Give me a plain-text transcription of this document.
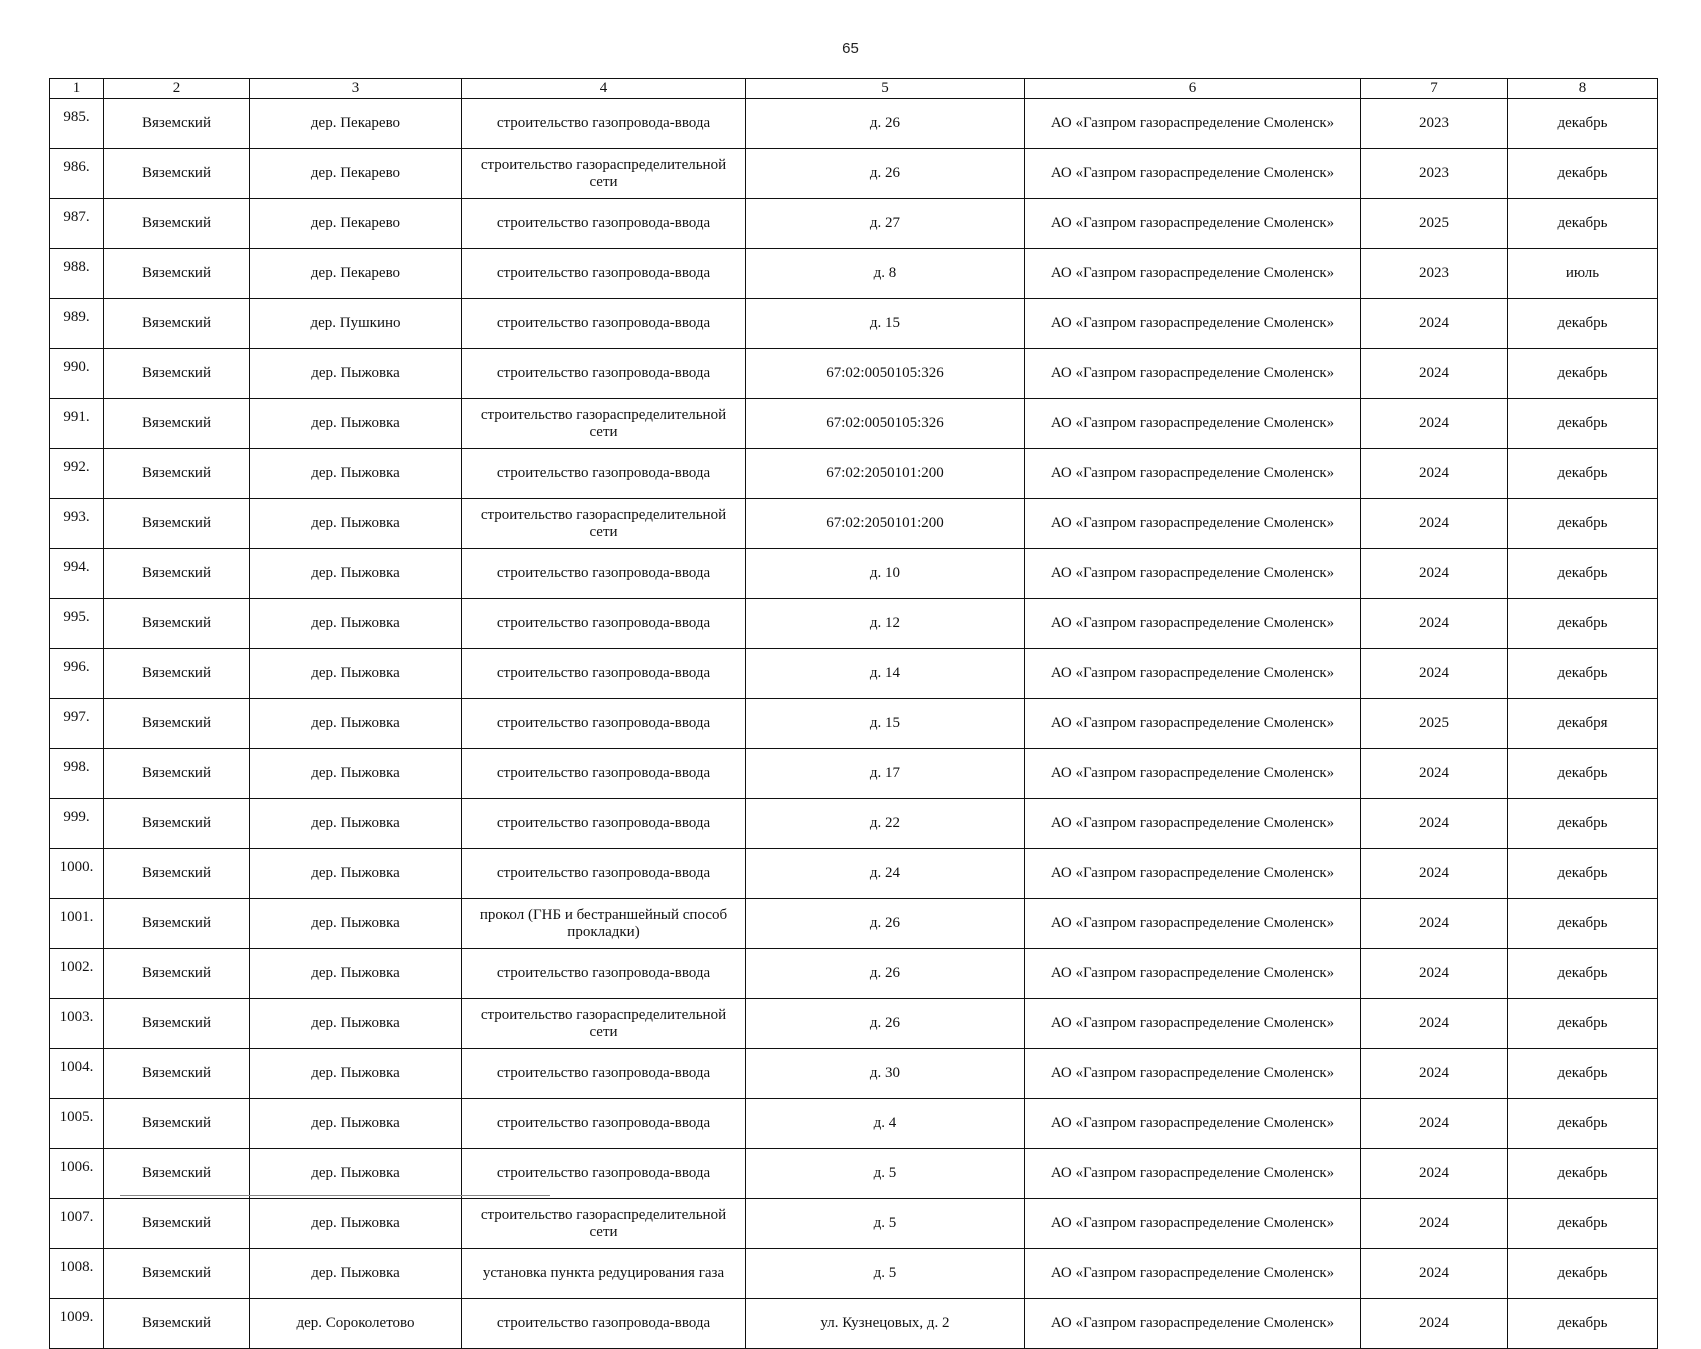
65
1	2	3	4	5	6	7	8
985.	Вяземский	дер. Пекарево	строительство газопровода-ввода	д. 26	АО «Газпром газораспределение Смоленск»	2023	декабрь
986.	Вяземский	дер. Пекарево	строительство газораспределительной сети	д. 26	АО «Газпром газораспределение Смоленск»	2023	декабрь
987.	Вяземский	дер. Пекарево	строительство газопровода-ввода	д. 27	АО «Газпром газораспределение Смоленск»	2025	декабрь
988.	Вяземский	дер. Пекарево	строительство газопровода-ввода	д. 8	АО «Газпром газораспределение Смоленск»	2023	июль
989.	Вяземский	дер. Пушкино	строительство газопровода-ввода	д. 15	АО «Газпром газораспределение Смоленск»	2024	декабрь
990.	Вяземский	дер. Пыжовка	строительство газопровода-ввода	67:02:0050105:326	АО «Газпром газораспределение Смоленск»	2024	декабрь
991.	Вяземский	дер. Пыжовка	строительство газораспределительной сети	67:02:0050105:326	АО «Газпром газораспределение Смоленск»	2024	декабрь
992.	Вяземский	дер. Пыжовка	строительство газопровода-ввода	67:02:2050101:200	АО «Газпром газораспределение Смоленск»	2024	декабрь
993.	Вяземский	дер. Пыжовка	строительство газораспределительной сети	67:02:2050101:200	АО «Газпром газораспределение Смоленск»	2024	декабрь
994.	Вяземский	дер. Пыжовка	строительство газопровода-ввода	д. 10	АО «Газпром газораспределение Смоленск»	2024	декабрь
995.	Вяземский	дер. Пыжовка	строительство газопровода-ввода	д. 12	АО «Газпром газораспределение Смоленск»	2024	декабрь
996.	Вяземский	дер. Пыжовка	строительство газопровода-ввода	д. 14	АО «Газпром газораспределение Смоленск»	2024	декабрь
997.	Вяземский	дер. Пыжовка	строительство газопровода-ввода	д. 15	АО «Газпром газораспределение Смоленск»	2025	декабря
998.	Вяземский	дер. Пыжовка	строительство газопровода-ввода	д. 17	АО «Газпром газораспределение Смоленск»	2024	декабрь
999.	Вяземский	дер. Пыжовка	строительство газопровода-ввода	д. 22	АО «Газпром газораспределение Смоленск»	2024	декабрь
1000.	Вяземский	дер. Пыжовка	строительство газопровода-ввода	д. 24	АО «Газпром газораспределение Смоленск»	2024	декабрь
1001.	Вяземский	дер. Пыжовка	прокол (ГНБ и бестраншейный способ прокладки)	д. 26	АО «Газпром газораспределение Смоленск»	2024	декабрь
1002.	Вяземский	дер. Пыжовка	строительство газопровода-ввода	д. 26	АО «Газпром газораспределение Смоленск»	2024	декабрь
1003.	Вяземский	дер. Пыжовка	строительство газораспределительной сети	д. 26	АО «Газпром газораспределение Смоленск»	2024	декабрь
1004.	Вяземский	дер. Пыжовка	строительство газопровода-ввода	д. 30	АО «Газпром газораспределение Смоленск»	2024	декабрь
1005.	Вяземский	дер. Пыжовка	строительство газопровода-ввода	д. 4	АО «Газпром газораспределение Смоленск»	2024	декабрь
1006.	Вяземский	дер. Пыжовка	строительство газопровода-ввода	д. 5	АО «Газпром газораспределение Смоленск»	2024	декабрь
1007.	Вяземский	дер. Пыжовка	строительство газораспределительной сети	д. 5	АО «Газпром газораспределение Смоленск»	2024	декабрь
1008.	Вяземский	дер. Пыжовка	установка пункта редуцирования газа	д. 5	АО «Газпром газораспределение Смоленск»	2024	декабрь
1009.	Вяземский	дер. Сороколетово	строительство газопровода-ввода	ул. Кузнецовых, д. 2	АО «Газпром газораспределение Смоленск»	2024	декабрь
